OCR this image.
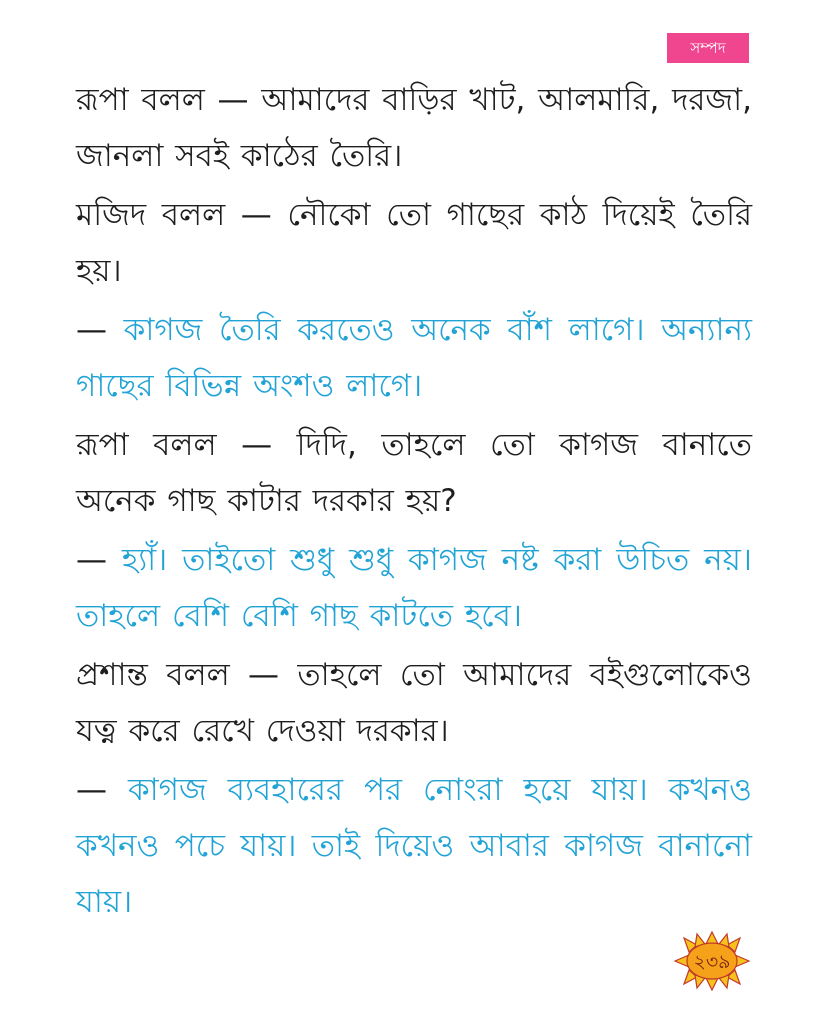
সম্পদ

রূপা বলল — আমাদের বাড়ির খাট, আলমারি, দরজা, জানলা সবই কাঠের তৈরি।

মজিদ বলল — নৌকো তো গাছের কাঠ দিয়েই তৈরি হয়।

— কাগজ তৈরি করতেও অনেক বাঁশ লাগে। অন্যান্য গাছের বিভিন্ন অংশও লাগে।

রূপা বলল — দিদি, তাহলে তো কাগজ বানাতে অনেক গাছ কাটার দরকার হয়?

— হ্যাঁ। তাইতো শুধু শুধু কাগজ নষ্ট করা উচিত নয়। তাহলে বেশি বেশি গাছ কাটতে হবে।

প্রশান্ত বলল — তাহলে তো আমাদের বইগুলোকেও যত্ন করে রেখে দেওয়া দরকার।

— কাগজ ব্যবহারের পর নোংরা হয়ে যায়। কখনও কখনও পচে যায়। তাই দিয়েও আবার কাগজ বানানো যায়।

২৩৯
